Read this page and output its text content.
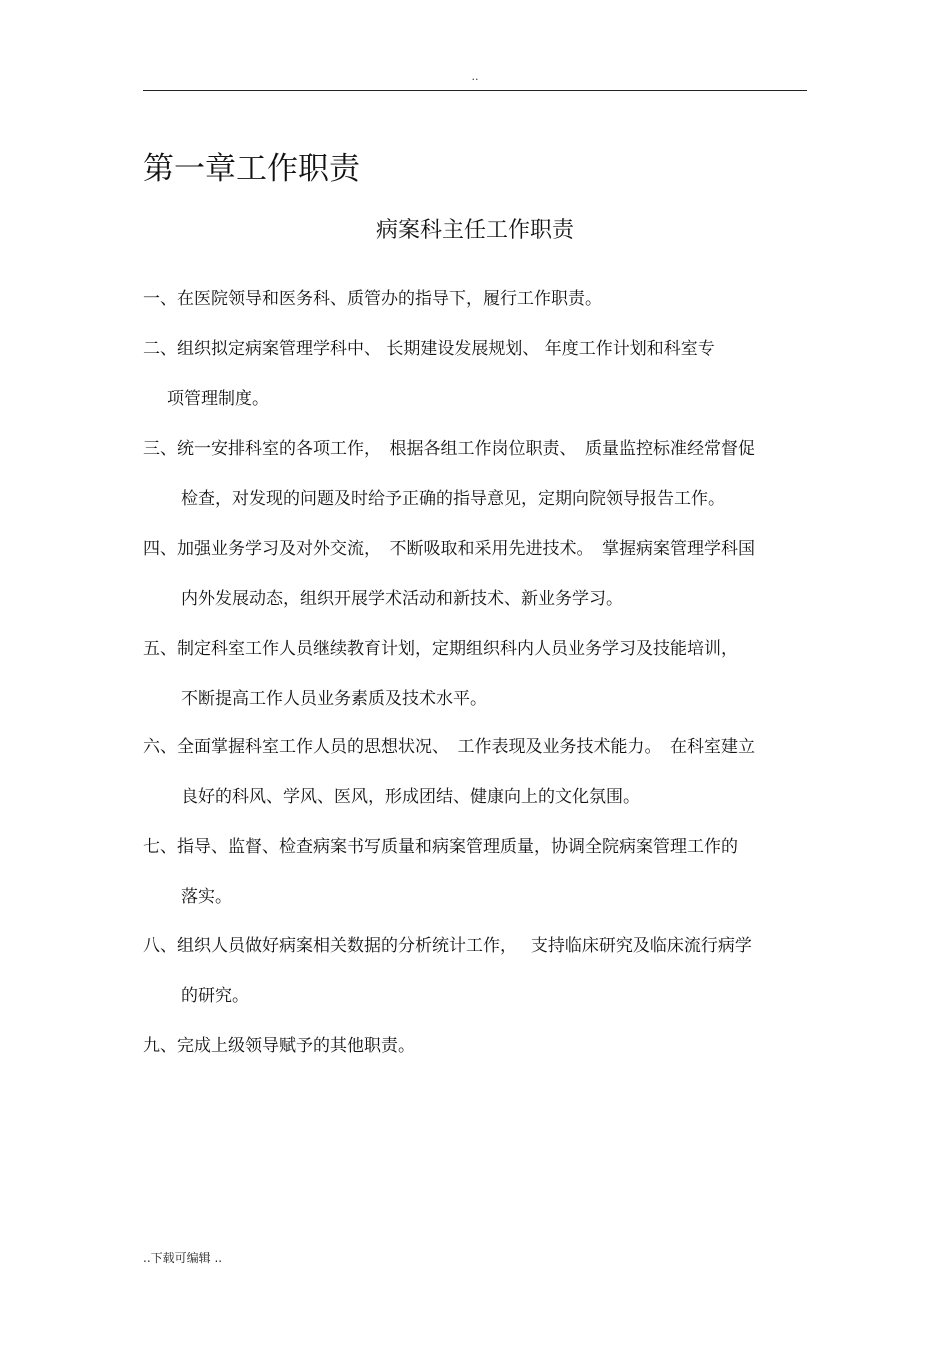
..
第一章工作职责
病案科主任工作职责
一、在医院领导和医务科、质管办的指导下，履行工作职责。
二、组织拟定病案管理学科中、 长期建设发展规划、 年度工作计划和科室专
项管理制度。
三、统一安排科室的各项工作，　根据各组工作岗位职责、　质量监控标准经常督促
检查，对发现的问题及时给予正确的指导意见，定期向院领导报告工作。
四、加强业务学习及对外交流，　不断吸取和采用先进技术。　掌握病案管理学科国
内外发展动态，组织开展学术活动和新技术、新业务学习。
五、制定科室工作人员继续教育计划，定期组织科内人员业务学习及技能培训，
不断提高工作人员业务素质及技术水平。
六、全面掌握科室工作人员的思想状况、　工作表现及业务技术能力。　在科室建立
良好的科风、学风、医风，形成团结、健康向上的文化氛围。
七、指导、监督、检查病案书写质量和病案管理质量，协调全院病案管理工作的
落实。
八、组织人员做好病案相关数据的分析统计工作，　 支持临床研究及临床流行病学
的研究。
九、完成上级领导赋予的其他职责。
..下载可编辑 ..
